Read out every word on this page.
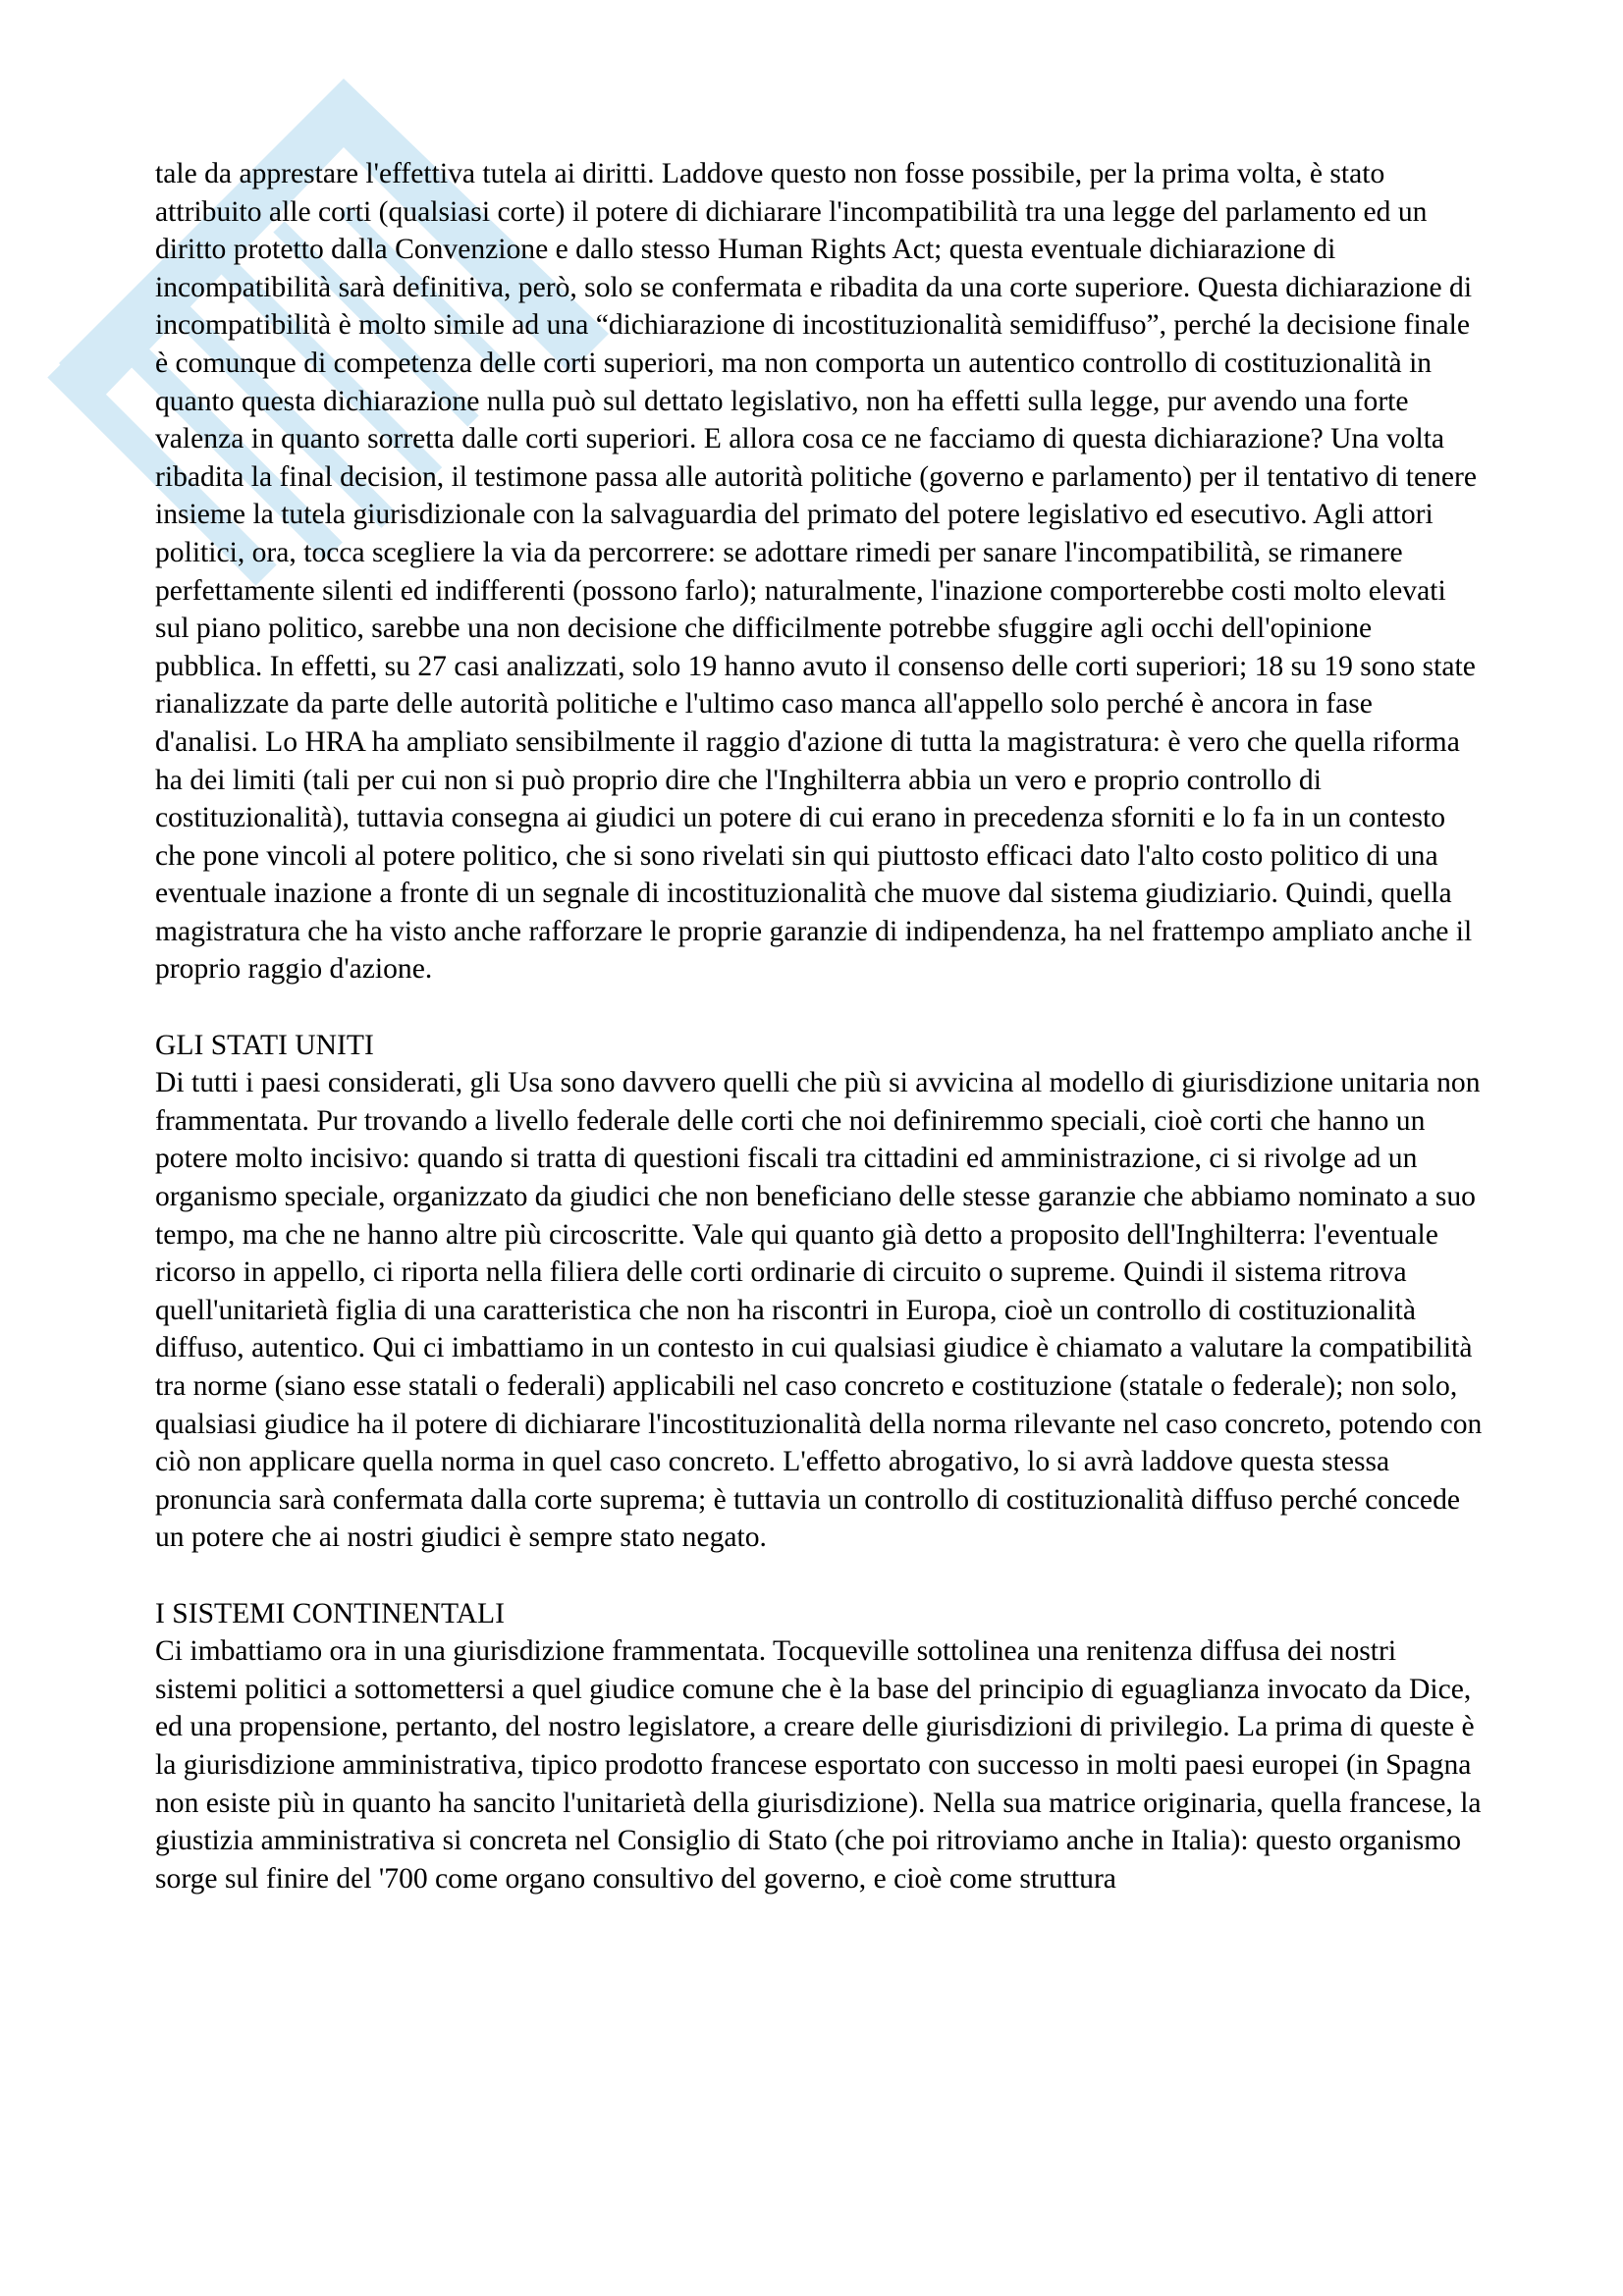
tale da apprestare l'effettiva tutela ai diritti. Laddove questo non fosse possibile, per la prima volta, è stato attribuito alle corti (qualsiasi corte) il potere di dichiarare l'incompatibilità tra una legge del parlamento ed un diritto protetto dalla Convenzione e dallo stesso Human Rights Act; questa eventuale dichiarazione di incompatibilità sarà definitiva, però, solo se confermata e ribadita da una corte superiore. Questa dichiarazione di incompatibilità è molto simile ad una “dichiarazione di incostituzionalità semidiffuso”, perché la decisione finale è comunque di competenza delle corti superiori, ma non comporta un autentico controllo di costituzionalità in quanto questa dichiarazione nulla può sul dettato legislativo, non ha effetti sulla legge, pur avendo una forte valenza in quanto sorretta dalle corti superiori. E allora cosa ce ne facciamo di questa dichiarazione? Una volta ribadita la final decision, il testimone passa alle autorità politiche (governo e parlamento) per il tentativo di tenere insieme la tutela giurisdizionale con la salvaguardia del primato del potere legislativo ed esecutivo. Agli attori politici, ora, tocca scegliere la via da percorrere: se adottare rimedi per sanare l'incompatibilità, se rimanere perfettamente silenti ed indifferenti (possono farlo); naturalmente, l'inazione comporterebbe costi molto elevati sul piano politico, sarebbe una non decisione che difficilmente potrebbe sfuggire agli occhi dell'opinione pubblica. In effetti, su 27 casi analizzati, solo 19 hanno avuto il consenso delle corti superiori; 18 su 19 sono state rianalizzate da parte delle autorità politiche e l'ultimo caso manca all'appello solo perché è ancora in fase d'analisi. Lo HRA ha ampliato sensibilmente il raggio d'azione di tutta la magistratura: è vero che quella riforma ha dei limiti (tali per cui non si può proprio dire che l'Inghilterra abbia un vero e proprio controllo di costituzionalità), tuttavia consegna ai giudici un potere di cui erano in precedenza sforniti e lo fa in un contesto che pone vincoli al potere politico, che si sono rivelati sin qui piuttosto efficaci dato l'alto costo politico di una eventuale inazione a fronte di un segnale di incostituzionalità che muove dal sistema giudiziario. Quindi, quella magistratura che ha visto anche rafforzare le proprie garanzie di indipendenza, ha nel frattempo ampliato anche il proprio raggio d'azione.

GLI STATI UNITI

Di tutti i paesi considerati, gli Usa sono davvero quelli che più si avvicina al modello di giurisdizione unitaria non frammentata. Pur trovando a livello federale delle corti che noi definiremmo speciali, cioè corti che hanno un potere molto incisivo: quando si tratta di questioni fiscali tra cittadini ed amministrazione, ci si rivolge ad un organismo speciale, organizzato da giudici che non beneficiano delle stesse garanzie che abbiamo nominato a suo tempo, ma che ne hanno altre più circoscritte. Vale qui quanto già detto a proposito dell'Inghilterra: l'eventuale ricorso in appello, ci riporta nella filiera delle corti ordinarie di circuito o supreme. Quindi il sistema ritrova quell'unitarietà figlia di una caratteristica che non ha riscontri in Europa, cioè un controllo di costituzionalità diffuso, autentico. Qui ci imbattiamo in un contesto in cui qualsiasi giudice è chiamato a valutare la compatibilità tra norme (siano esse statali o federali) applicabili nel caso concreto e costituzione (statale o federale); non solo, qualsiasi giudice ha il potere di dichiarare l'incostituzionalità della norma rilevante nel caso concreto, potendo con ciò non applicare quella norma in quel caso concreto. L'effetto abrogativo, lo si avrà laddove questa stessa pronuncia sarà confermata dalla corte suprema; è tuttavia un controllo di costituzionalità diffuso perché concede un potere che ai nostri giudici è sempre stato negato.

I SISTEMI CONTINENTALI

Ci imbattiamo ora in una giurisdizione frammentata. Tocqueville sottolinea una renitenza diffusa dei nostri sistemi politici a sottomettersi a quel giudice comune che è la base del principio di eguaglianza invocato da Dice, ed una propensione, pertanto, del nostro legislatore, a creare delle giurisdizioni di privilegio. La prima di queste è la giurisdizione amministrativa, tipico prodotto francese esportato con successo in molti paesi europei (in Spagna non esiste più in quanto ha sancito l'unitarietà della giurisdizione). Nella sua matrice originaria, quella francese, la giustizia amministrativa si concreta nel Consiglio di Stato (che poi ritroviamo anche in Italia): questo organismo sorge sul finire del '700 come organo consultivo del governo, e cioè come struttura
